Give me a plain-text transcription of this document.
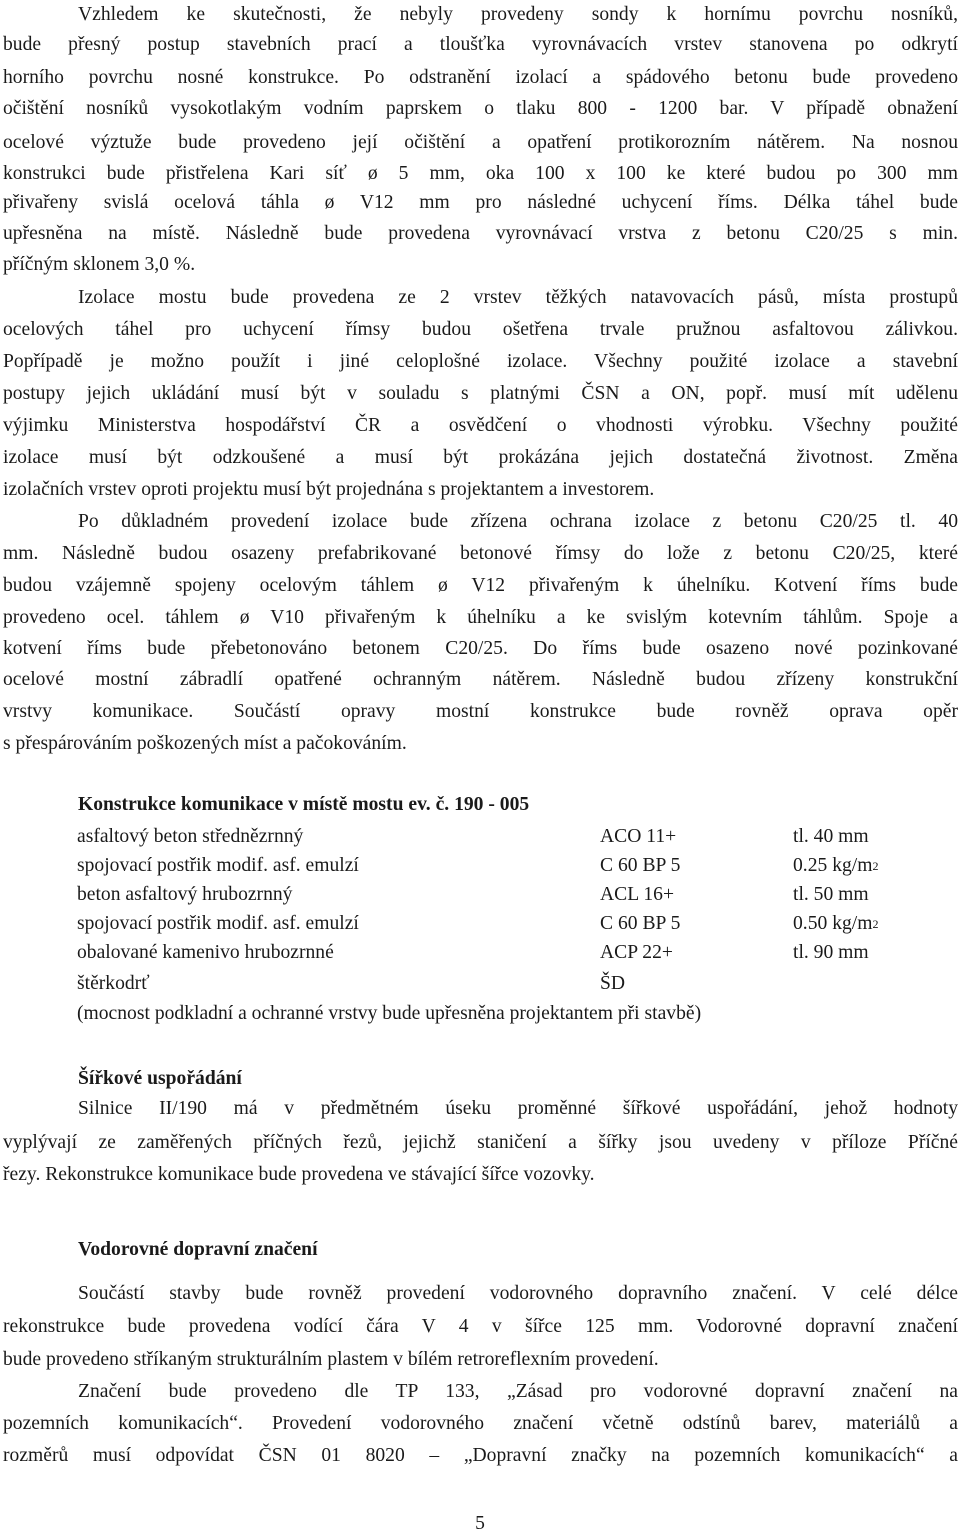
Vzhledem ke skutečnosti, že nebyly provedeny sondy k hornímu povrchu nosníků,
bude přesný postup stavebních prací a tloušťka vyrovnávacích vrstev stanovena po odkrytí
horního povrchu nosné konstrukce. Po odstranění izolací a spádového betonu bude provedeno
očištění nosníků vysokotlakým vodním paprskem o tlaku 800 - 1200 bar. V případě obnažení
ocelové výztuže bude provedeno její očištění a opatření protikorozním nátěrem. Na nosnou
konstrukci bude přistřelena Kari síť ø 5 mm, oka 100 x 100 ke které budou po 300 mm
přivařeny svislá ocelová táhla ø V12 mm pro následné uchycení říms. Délka táhel bude
upřesněna na místě. Následně bude provedena vyrovnávací vrstva z betonu C20/25 s min.
příčným sklonem 3,0 %.
Izolace mostu bude provedena ze 2 vrstev těžkých natavovacích pásů, místa prostupů
ocelových táhel pro uchycení římsy budou ošetřena trvale pružnou asfaltovou zálivkou.
Popřípadě je možno použít i jiné celoplošné izolace. Všechny použité izolace a stavební
postupy jejich ukládání musí být v souladu s platnými ČSN a ON, popř. musí mít udělenu
výjimku Ministerstva hospodářství ČR a osvědčení o vhodnosti výrobku. Všechny použité
izolace musí být odzkoušené a musí být prokázána jejich dostatečná životnost. Změna
izolačních vrstev oproti projektu musí být projednána s projektantem a investorem.
Po důkladném provedení izolace bude zřízena ochrana izolace z betonu C20/25 tl. 40
mm. Následně budou osazeny prefabrikované betonové římsy do lože z betonu C20/25, které
budou vzájemně spojeny ocelovým táhlem ø V12 přivařeným k úhelníku. Kotvení říms bude
provedeno ocel. táhlem ø V10 přivařeným k úhelníku a ke svislým kotevním táhlům. Spoje a
kotvení říms bude přebetonováno betonem C20/25. Do říms bude osazeno nové pozinkované
ocelové mostní zábradlí opatřené ochranným nátěrem. Následně budou zřízeny konstrukční
vrstvy komunikace. Součástí opravy mostní konstrukce bude rovněž oprava opěr
s přespárováním poškozených míst a pačokováním.
Konstrukce komunikace v místě mostu ev. č. 190 - 005
asfaltový beton střednězrnný	ACO 11+	tl. 40 mm
spojovací postřik modif. asf. emulzí	C 60 BP 5	0.25 kg/m 2
beton asfaltový hrubozrnný	ACL 16+	tl. 50 mm
spojovací postřik modif. asf. emulzí	C 60 BP 5	0.50 kg/m 2
obalované kamenivo hrubozrnné	ACP 22+	tl. 90 mm
štěrkodrť	ŠD
(mocnost podkladní a ochranné vrstvy bude upřesněna projektantem při stavbě)
Šířkové uspořádání
Silnice II/190 má v předmětném úseku proměnné šířkové uspořádání, jehož hodnoty
vyplývají ze zaměřených příčných řezů, jejichž staničení a šířky jsou uvedeny v příloze Příčné
řezy. Rekonstrukce komunikace bude provedena ve stávající šířce vozovky.
Vodorovné dopravní značení
Součástí stavby bude rovněž provedení vodorovného dopravního značení. V celé délce
rekonstrukce bude provedena vodící čára V 4 v šířce 125 mm. Vodorovné dopravní značení
bude provedeno stříkaným strukturálním plastem v bílém retroreflexním provedení.
Značení bude provedeno dle TP 133, „Zásad pro vodorovné dopravní značení na
pozemních komunikacích“. Provedení vodorovného značení včetně odstínů barev, materiálů a
rozměrů musí odpovídat ČSN 01 8020 – „Dopravní značky na pozemních komunikacích“ a
5
